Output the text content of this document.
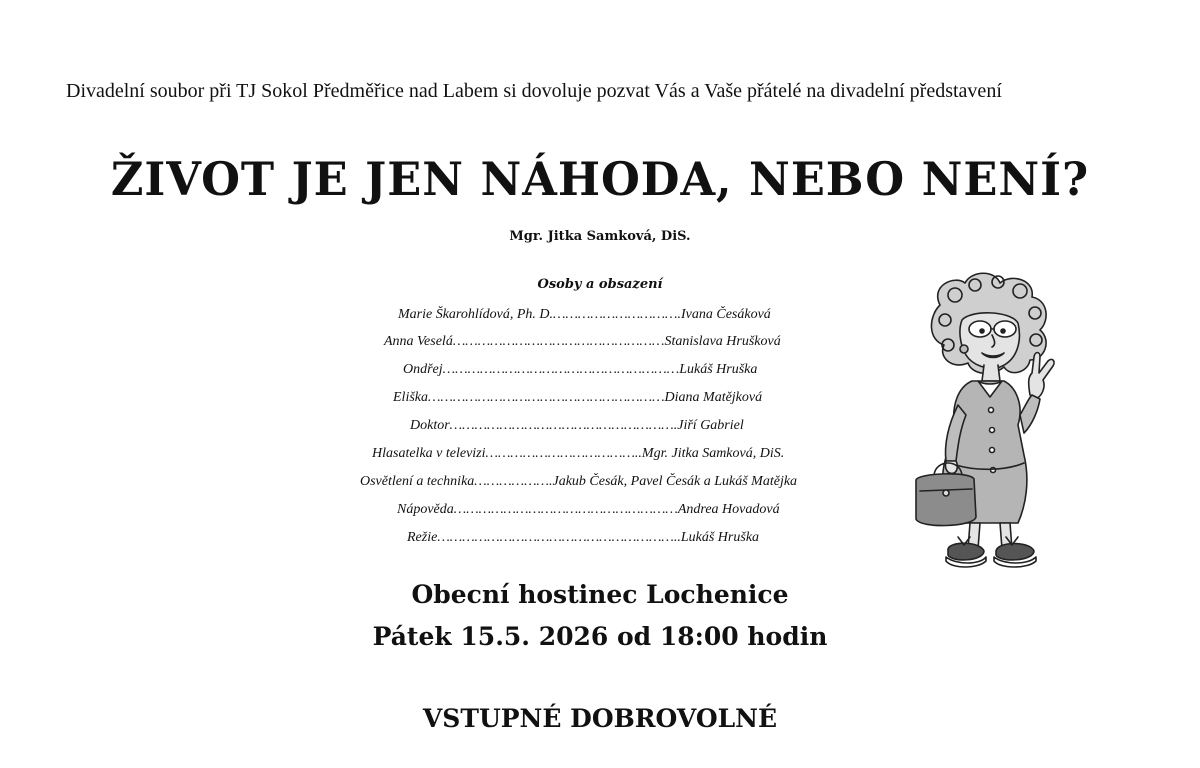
Divadelní soubor při TJ Sokol Předměřice nad Labem si dovoluje pozvat Vás a Vaše přátelé na divadelní představení
ŽIVOT JE JEN NÁHODA, NEBO NENÍ?
Mgr. Jitka Samková, DiS.
Osoby a obsazení
Marie Škarohlídová, Ph. D.………………………….Ivana Česáková
Anna Veselá……………………………………………Stanislava Hrušková
Ondřej…………………………………………………Lukáš Hruška
Eliška…………………………………………………Diana Matějková
Doktor……………………………………………….Jiří Gabriel
Hlasatelka v televizi………………………………..Mgr. Jitka Samková, DiS.
Osvětlení a technika……………….Jakub Česák, Pavel Česák a Lukáš Matějka
Nápověda………………………………………………Andrea Hovadová
Režie…………………………………………………..Lukáš Hruška
Obecní hostinec Lochenice
Pátek 15.5. 2026 od 18:00 hodin
VSTUPNÉ DOBROVOLNÉ
